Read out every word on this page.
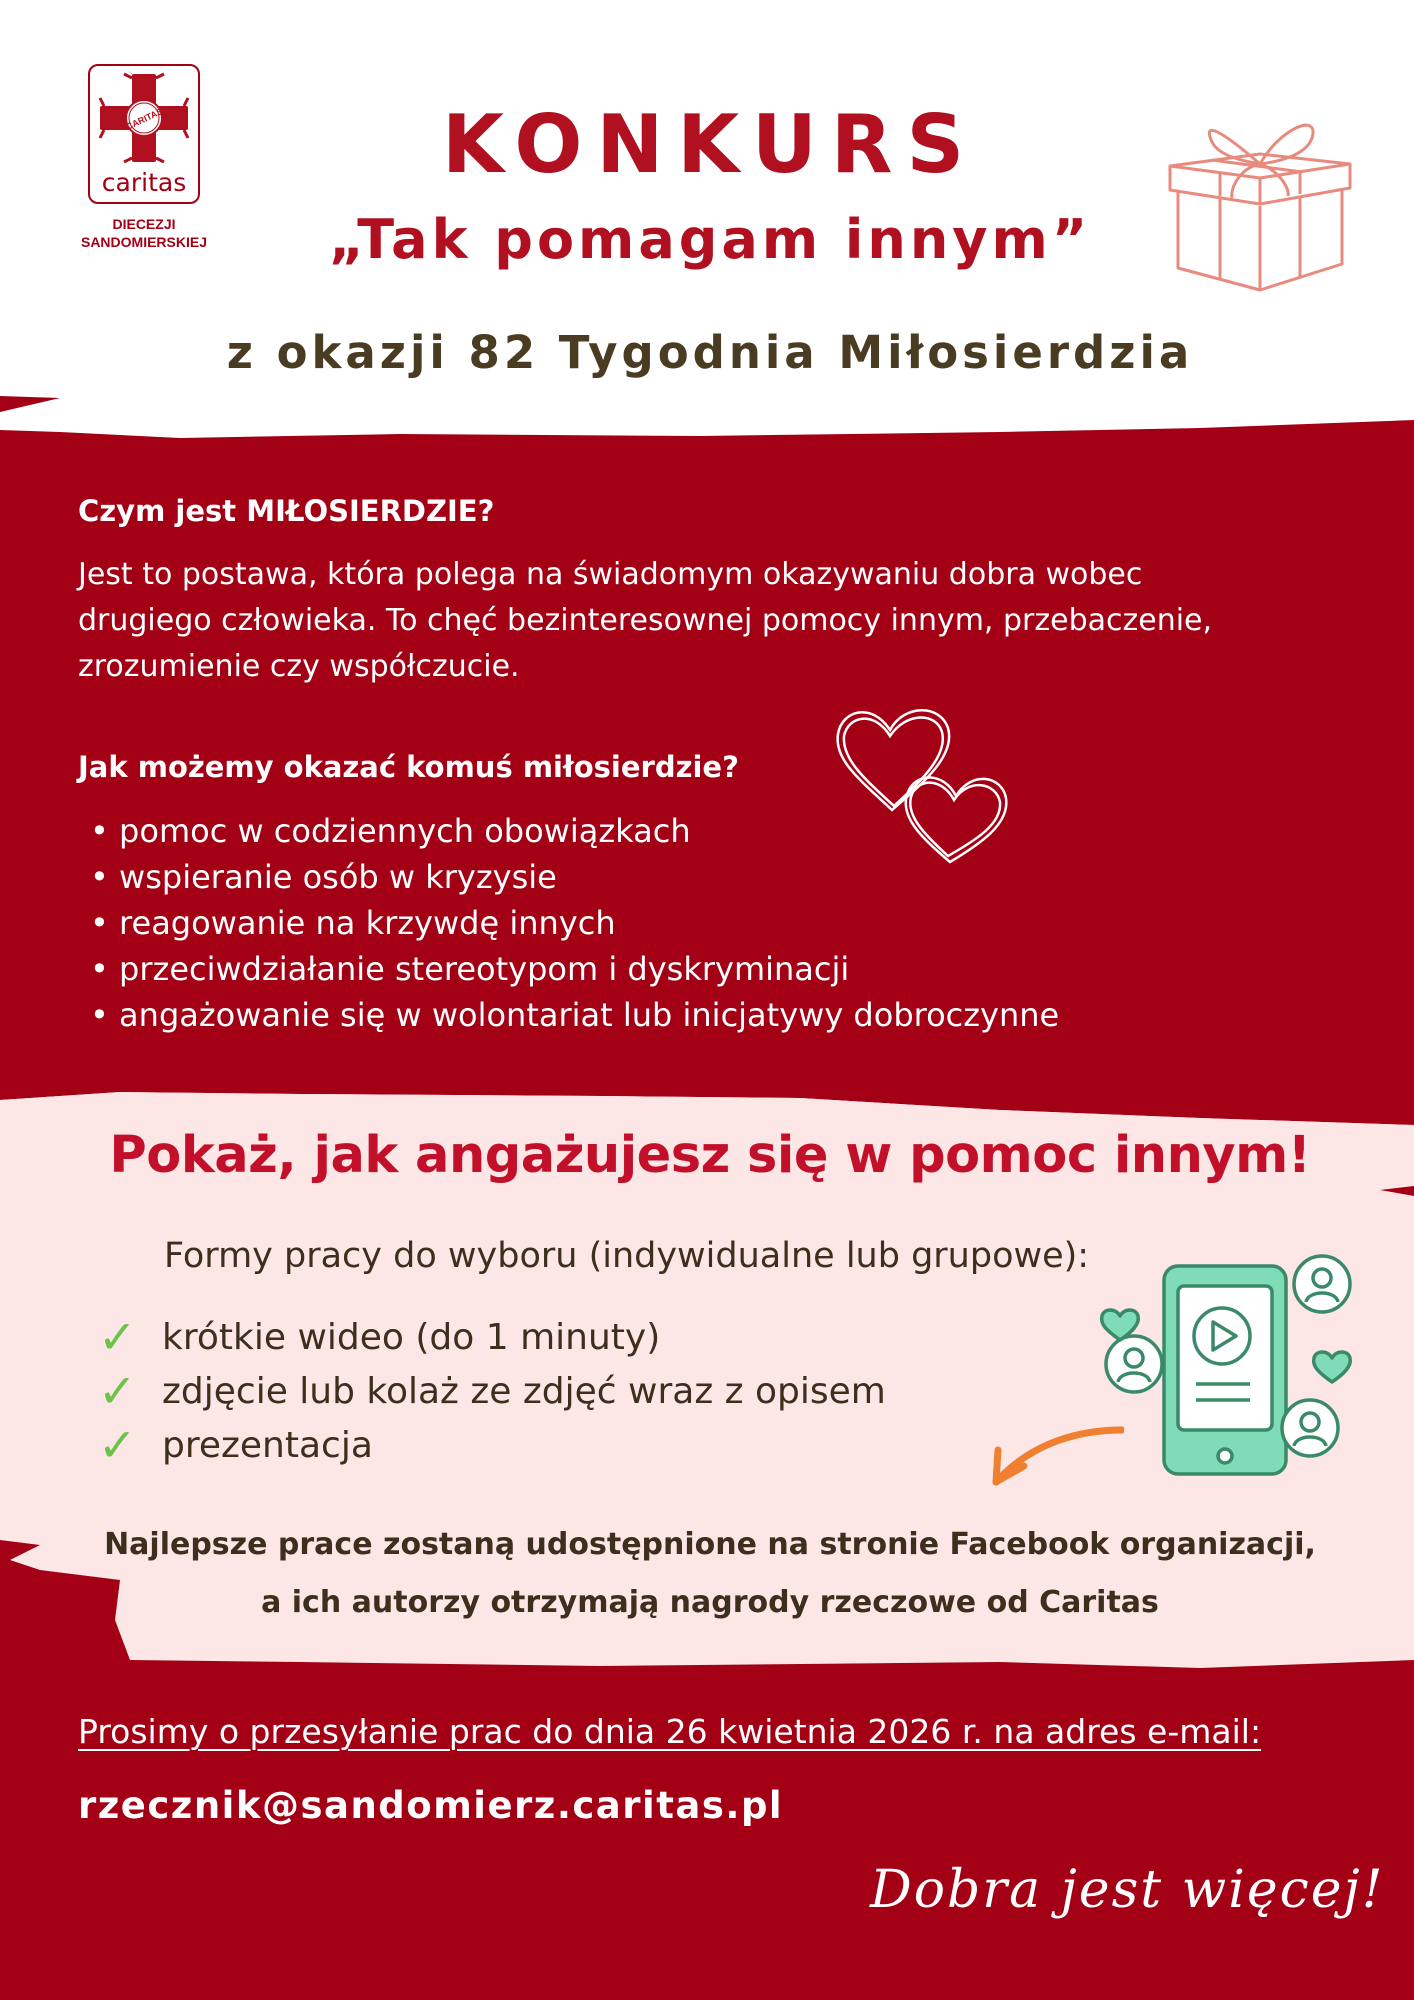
CARITAS
caritas
DIECEZJI
SANDOMIERSKIEJ
KONKURS
„Tak pomagam innym”
z okazji 82 Tygodnia Miłosierdzia
Czym jest MIŁOSIERDZIE?
Jest to postawa, która polega na świadomym okazywaniu dobra wobec
drugiego człowieka. To chęć bezinteresownej pomocy innym, przebaczenie,
zrozumienie czy współczucie.
Jak możemy okazać komuś miłosierdzie?
• pomoc w codziennych obowiązkach
• wspieranie osób w kryzysie
• reagowanie na krzywdę innych
• przeciwdziałanie stereotypom i dyskryminacji
• angażowanie się w wolontariat lub inicjatywy dobroczynne
Pokaż, jak angażujesz się w pomoc innym!
Formy pracy do wyboru (indywidualne lub grupowe):
✓ krótkie wideo (do 1 minuty)
✓ zdjęcie lub kolaż ze zdjęć wraz z opisem
✓ prezentacja
Najlepsze prace zostaną udostępnione na stronie Facebook organizacji,
a ich autorzy otrzymają nagrody rzeczowe od Caritas
Prosimy o przesyłanie prac do dnia 26 kwietnia 2026 r. na adres e-mail:
rzecznik@sandomierz.caritas.pl
Dobra jest więcej!
